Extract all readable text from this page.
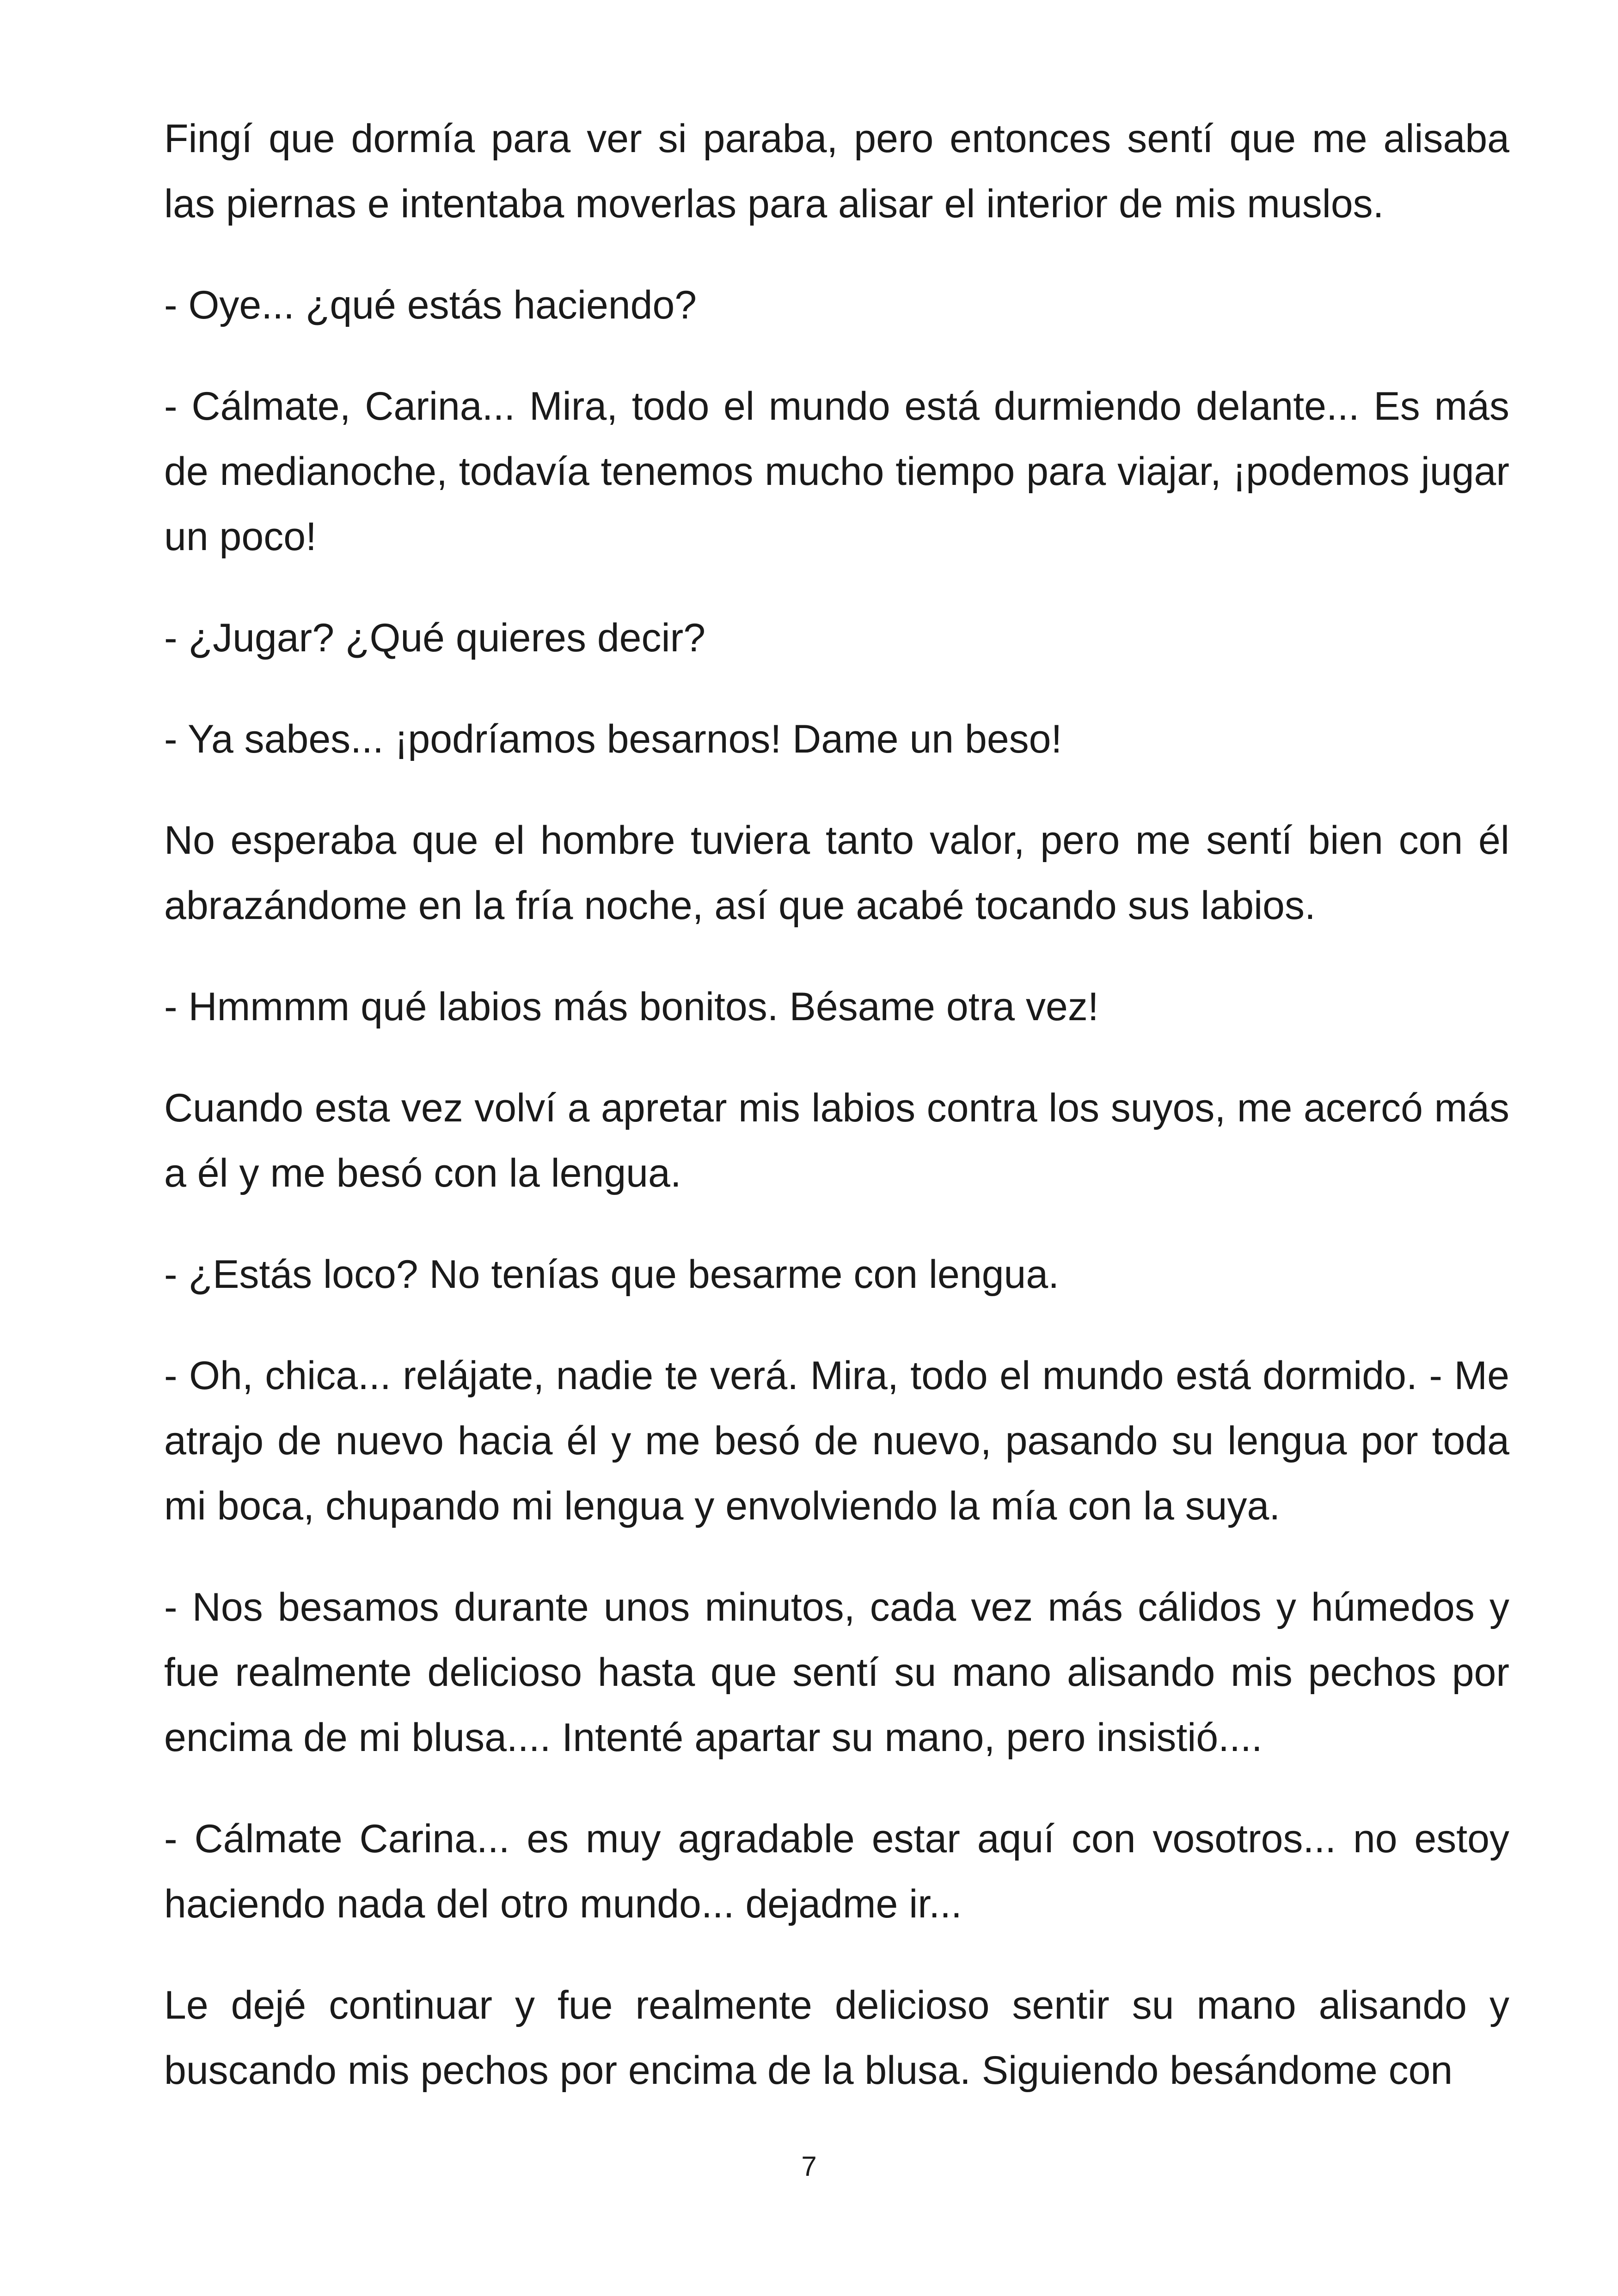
Fingí que dormía para ver si paraba, pero entonces sentí que me alisaba las piernas e intentaba moverlas para alisar el interior de mis muslos.

- Oye... ¿qué estás haciendo?

- Cálmate, Carina... Mira, todo el mundo está durmiendo delante... Es más de medianoche, todavía tenemos mucho tiempo para viajar, ¡podemos jugar un poco!

- ¿Jugar? ¿Qué quieres decir?

- Ya sabes... ¡podríamos besarnos! Dame un beso!

No esperaba que el hombre tuviera tanto valor, pero me sentí bien con él abrazándome en la fría noche, así que acabé tocando sus labios.

- Hmmmm qué labios más bonitos. Bésame otra vez!

Cuando esta vez volví a apretar mis labios contra los suyos, me acercó más a él y me besó con la lengua.

- ¿Estás loco? No tenías que besarme con lengua.

- Oh, chica... relájate, nadie te verá. Mira, todo el mundo está dormido. - Me atrajo de nuevo hacia él y me besó de nuevo, pasando su lengua por toda mi boca, chupando mi lengua y envolviendo la mía con la suya.

- Nos besamos durante unos minutos, cada vez más cálidos y húmedos y fue realmente delicioso hasta que sentí su mano alisando mis pechos por encima de mi blusa.... Intenté apartar su mano, pero insistió....

- Cálmate Carina... es muy agradable estar aquí con vosotros... no estoy haciendo nada del otro mundo... dejadme ir...

Le dejé continuar y fue realmente delicioso sentir su mano alisando y buscando mis pechos por encima de la blusa. Siguiendo besándome con

7
